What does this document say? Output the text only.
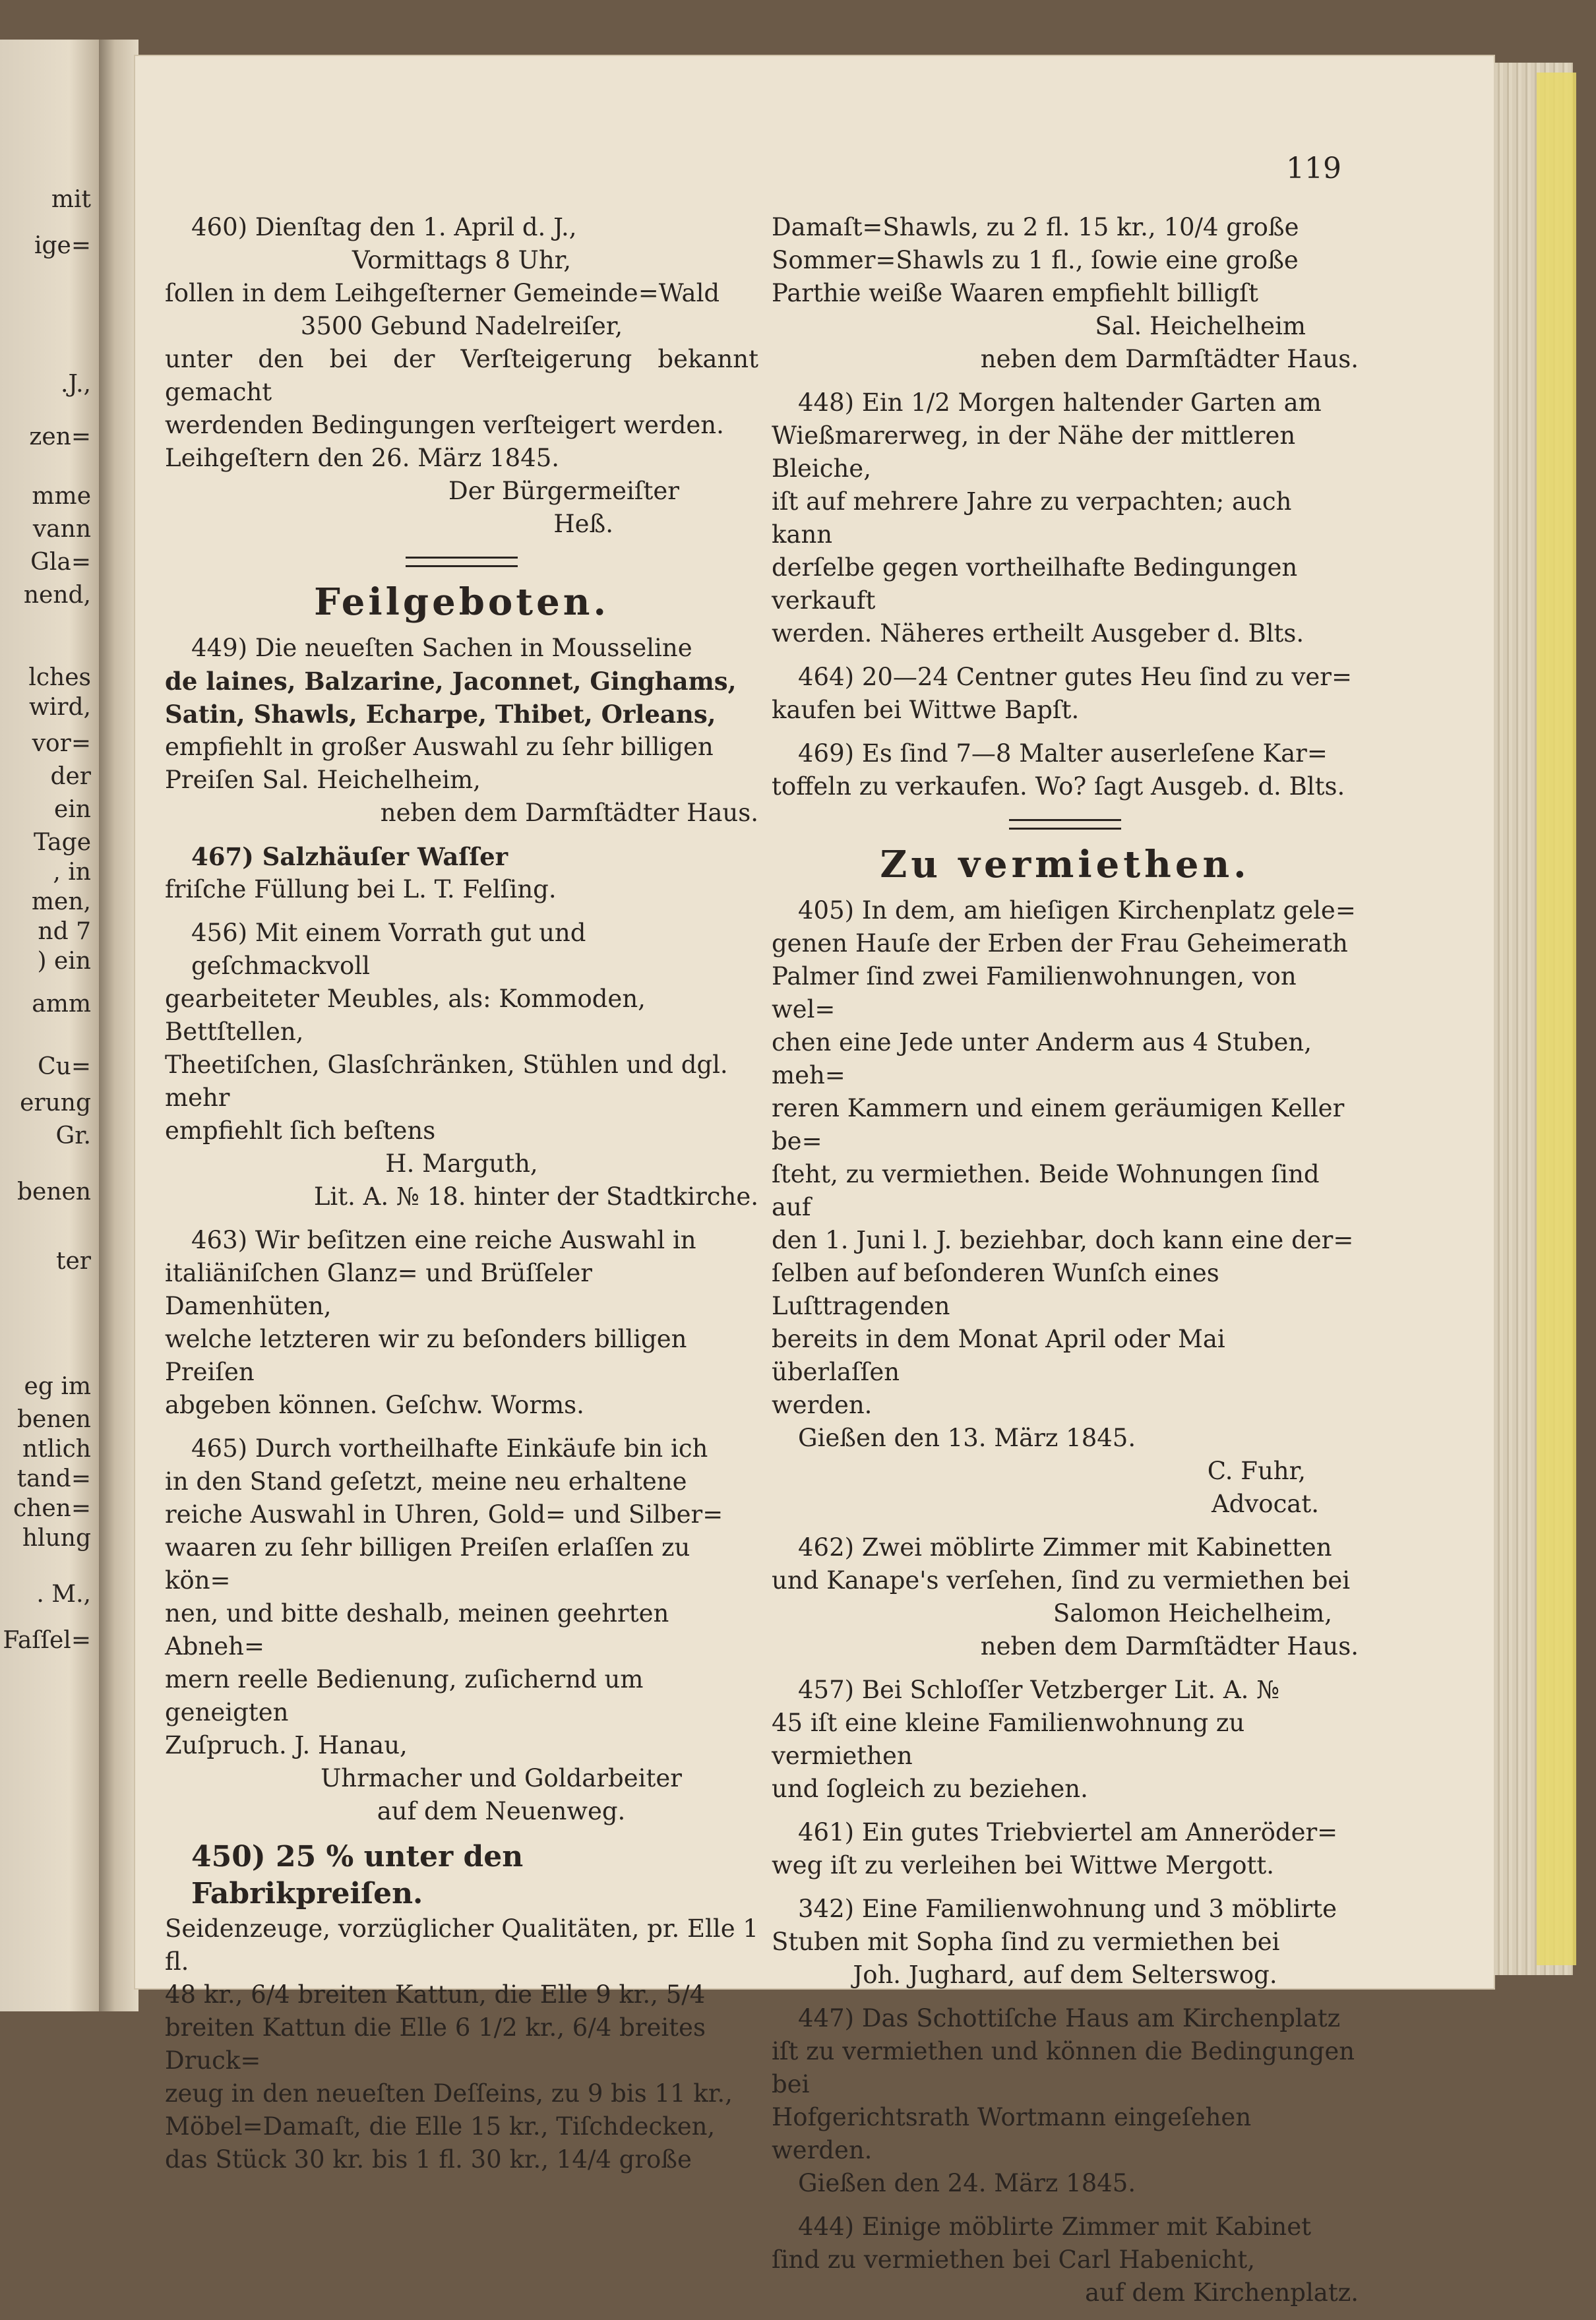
mit
ige=
.J.,
zen=
mme
vann
Gla=
nend,
lches
wird,
vor=
der
ein
Tage
, in
men,
nd 7
) ein
amm
Cu=
erung
Gr.
benen
ter
eg im
benen
ntlich
tand=
chen=
hlung
. M.,
Faſſel=
119

460) Dienſtag den 1. April d. J.,

Vormittags 8 Uhr,

ſollen in dem Leihgeſterner Gemeinde=Wald

3500 Gebund Nadelreiſer,

unter den bei der Verſteigerung bekannt gemacht

werdenden Bedingungen verſteigert werden.

Leihgeſtern den 26. März 1845.

Der Bürgermeiſter

Heß.

Feilgeboten.

449) Die neueſten Sachen in Mousseline

de laines, Balzarine, Jaconnet, Ginghams,

Satin, Shawls, Echarpe, Thibet, Orleans,

empfiehlt in großer Auswahl zu ſehr billigen

Preiſen Sal. Heichelheim,

neben dem Darmſtädter Haus.

467) Salzhäuſer Waſſer

friſche Füllung bei L. T. Felſing.

456) Mit einem Vorrath gut und geſchmackvoll

gearbeiteter Meubles, als: Kommoden, Bettſtellen,

Theetiſchen, Glasſchränken, Stühlen und dgl. mehr

empfiehlt ſich beſtens

H. Marguth,

Lit. A. № 18. hinter der Stadtkirche.

463) Wir beſitzen eine reiche Auswahl in

italiäniſchen Glanz= und Brüſſeler Damenhüten,

welche letzteren wir zu beſonders billigen Preiſen

abgeben können. Geſchw. Worms.

465) Durch vortheilhafte Einkäufe bin ich

in den Stand geſetzt, meine neu erhaltene

reiche Auswahl in Uhren, Gold= und Silber=

waaren zu ſehr billigen Preiſen erlaſſen zu kön=

nen, und bitte deshalb, meinen geehrten Abneh=

mern reelle Bedienung, zuſichernd um geneigten

Zuſpruch. J. Hanau,

Uhrmacher und Goldarbeiter

auf dem Neuenweg.

450) 25 % unter den Fabrikpreiſen.

Seidenzeuge, vorzüglicher Qualitäten, pr. Elle 1 fl.

48 kr., 6/4 breiten Kattun, die Elle 9 kr., 5/4

breiten Kattun die Elle 6 1/2 kr., 6/4 breites Druck=

zeug in den neueſten Deſſeins, zu 9 bis 11 kr.,

Möbel=Damaſt, die Elle 15 kr., Tiſchdecken,

das Stück 30 kr. bis 1 fl. 30 kr., 14/4 große

Damaſt=Shawls, zu 2 fl. 15 kr., 10/4 große

Sommer=Shawls zu 1 fl., ſowie eine große

Parthie weiße Waaren empfiehlt billigſt

Sal. Heichelheim

neben dem Darmſtädter Haus.

448) Ein 1/2 Morgen haltender Garten am

Wießmarerweg, in der Nähe der mittleren Bleiche,

iſt auf mehrere Jahre zu verpachten; auch kann

derſelbe gegen vortheilhafte Bedingungen verkauft

werden. Näheres ertheilt Ausgeber d. Blts.

464) 20—24 Centner gutes Heu ſind zu ver=

kaufen bei Wittwe Bapſt.

469) Es ſind 7—8 Malter auserleſene Kar=

toffeln zu verkaufen. Wo? ſagt Ausgeb. d. Blts.

Zu vermiethen.

405) In dem, am hieſigen Kirchenplatz gele=

genen Hauſe der Erben der Frau Geheimerath

Palmer ſind zwei Familienwohnungen, von wel=

chen eine Jede unter Anderm aus 4 Stuben, meh=

reren Kammern und einem geräumigen Keller be=

ſteht, zu vermiethen. Beide Wohnungen ſind auf

den 1. Juni l. J. beziehbar, doch kann eine der=

ſelben auf beſonderen Wunſch eines Luſttragenden

bereits in dem Monat April oder Mai überlaſſen

werden.

Gießen den 13. März 1845.

C. Fuhr,

Advocat.

462) Zwei möblirte Zimmer mit Kabinetten

und Kanape's verſehen, ſind zu vermiethen bei

Salomon Heichelheim,

neben dem Darmſtädter Haus.

457) Bei Schloſſer Vetzberger Lit. A. №

45 iſt eine kleine Familienwohnung zu vermiethen

und ſogleich zu beziehen.

461) Ein gutes Triebviertel am Anneröder=

weg iſt zu verleihen bei Wittwe Mergott.

342) Eine Familienwohnung und 3 möblirte

Stuben mit Sopha ſind zu vermiethen bei

Joh. Jughard, auf dem Selterswog.

447) Das Schottiſche Haus am Kirchenplatz

iſt zu vermiethen und können die Bedingungen bei

Hofgerichtsrath Wortmann eingeſehen werden.

Gießen den 24. März 1845.

444) Einige möblirte Zimmer mit Kabinet

ſind zu vermiethen bei Carl Habenicht,

auf dem Kirchenplatz.
